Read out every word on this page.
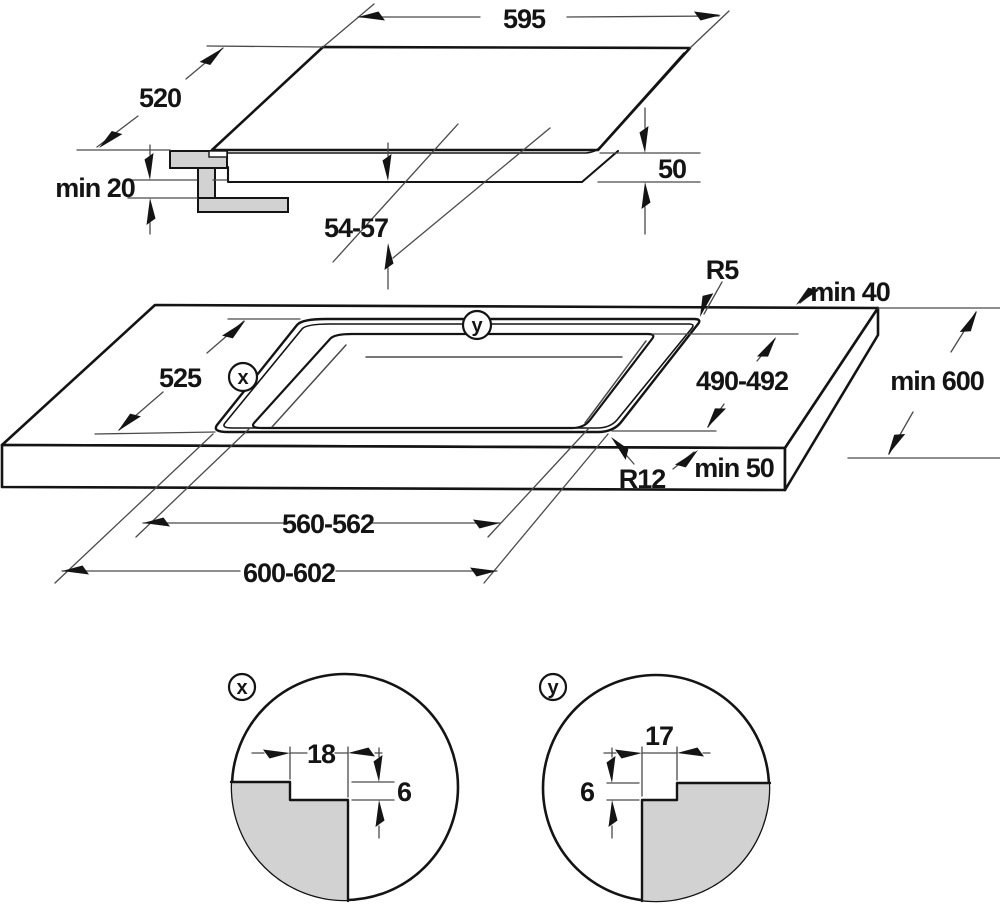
595
520
min 20
54-57
50
x
y
R5
min 40
525	490-492	min 600
R12 min 50
560-562
600-602
18
6
x
17
6
y
